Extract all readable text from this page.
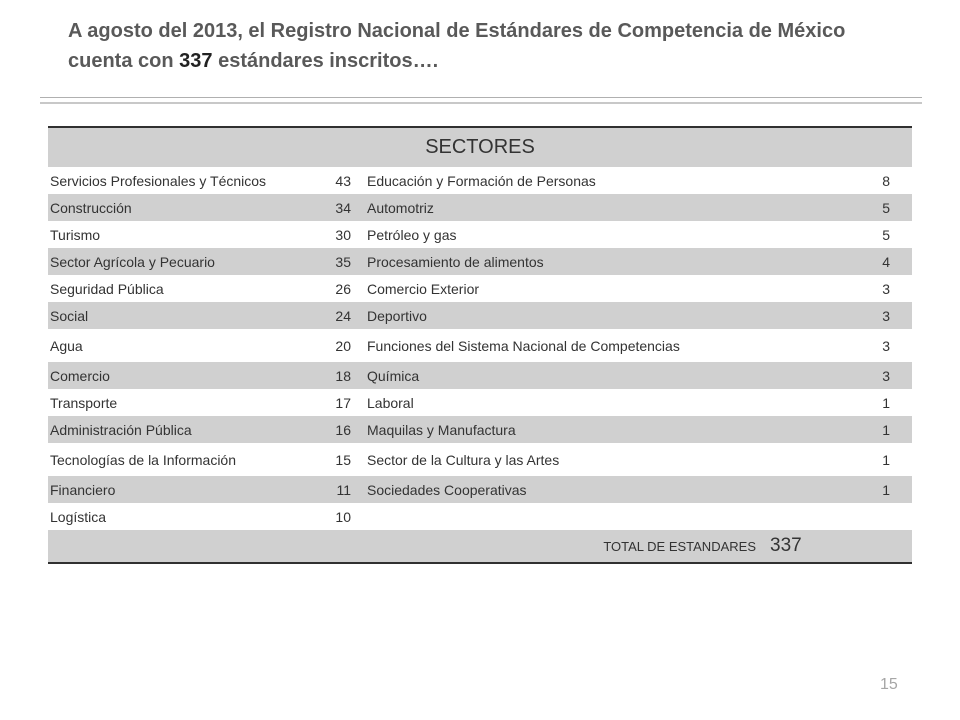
A agosto del 2013, el Registro Nacional de Estándares de Competencia de México
cuenta con 337 estándares inscritos….
SECTORES			
Servicios Profesionales y Técnicos	43	Educación y Formación de Personas	8
Construcción	34	Automotriz	5
Turismo	30	Petróleo y gas	5
Sector Agrícola y Pecuario	35	Procesamiento de alimentos	4
Seguridad Pública	26	Comercio Exterior	3
Social	24	Deportivo	3
Agua	20	Funciones del Sistema Nacional de Competencias	3
Comercio	18	Química	3
Transporte	17	Laboral	1
Administración Pública	16	Maquilas y Manufactura	1
Tecnologías de la Información	15	Sector de la Cultura y las Artes	1
Financiero	11	Sociedades Cooperativas	1
Logística	10		
TOTAL DE ESTANDARES			337
15
